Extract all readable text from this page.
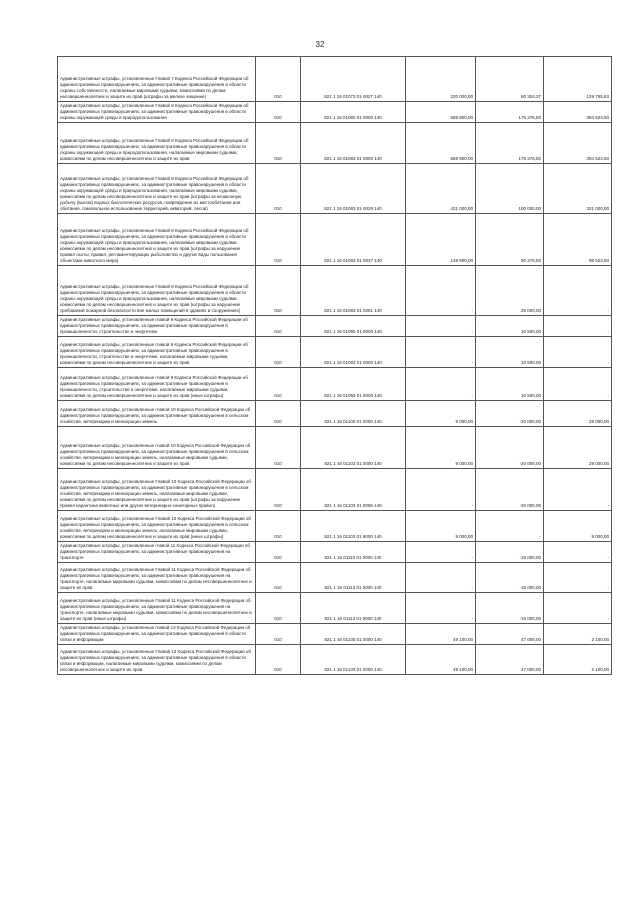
32
Административные штрафы, установленные Главой 7 Кодекса Российской Федерации об административных правонарушениях, за административные правонарушения в области охраны собственности, налагаемые мировыми судьями, комиссиями по делам несовершеннолетних и защите их прав (штрафы за мелкое хищение)	010	821 1 16 01073 01 0027 140	220 000,00	90 304,37	129 795,63
Административные штрафы, установленные Главой 8 Кодекса Российской Федерации об административных правонарушениях, за административные правонарушения в области охраны окружающей среды и природопользования	010	821 1 16 01080 01 0000 140	569 900,00	175 376,50	394 523,50
Административные штрафы, установленные Главой 8 Кодекса Российской Федерации об административных правонарушениях, за административные правонарушения в области охраны окружающей среды и природопользования, налагаемые мировыми судьями, комиссиями по делам несовершеннолетних и защите их прав	010	821 1 16 01083 01 0000 140	569 900,00	175 376,50	394 523,50
Административные штрафы, установленные Главой 8 Кодекса Российской Федерации об административных правонарушениях, за административные правонарушения в области охраны окружающей среды и природопользования, налагаемые мировыми судьями, комиссиями по делам несовершеннолетних и защите их прав (штрафы за незаконную добычу (вылов) водных биологических ресурсов, повреждение их местообитания или обитания, самовольное использование территорий, акваторий, лесов)	010	821 1 16 01083 01 0028 140	421 000,00	100 000,00	321 000,00
Административные штрафы, установленные Главой 8 Кодекса Российской Федерации об административных правонарушениях, за административные правонарушения в области охраны окружающей среды и природопользования, налагаемые мировыми судьями, комиссиями по делам несовершеннолетних и защите их прав (штрафы за нарушение правил охоты, правил, регламентирующих рыболовство и другие виды пользования объектами животного мира)	010	821 1 16 01083 01 0037 140	148 900,00	50 376,50	98 523,50
Административные штрафы, установленные Главой 8 Кодекса Российской Федерации об административных правонарушениях, за административные правонарушения в области охраны окружающей среды и природопользования, налагаемые мировыми судьями, комиссиями по делам несовершеннолетних и защите их прав (штрафы за нарушение требований пожарной безопасности вне жилых помещений в зданиях и сооружениях)	010	821 1 16 01083 01 0281 140	-	25 000,00	-
Административные штрафы, установленные главой 9 Кодекса Российской Федерации об административных правонарушениях, за административные правонарушения в промышленности, строительстве и энергетике	010	821 1 16 01090 01 0000 140	-	10 500,00	-
Административные штрафы, установленные главой 9 Кодекса Российской Федерации об административных правонарушениях, за административные правонарушения в промышленности, строительстве и энергетике, налагаемые мировыми судьями, комиссиями по делам несовершеннолетних и защите их прав	010	821 1 16 01093 01 0000 140	-	10 500,00	-
Административные штрафы, установленные главой 9 Кодекса Российской Федерации об административных правонарушениях, за административные правонарушения в промышленности, строительстве и энергетике, налагаемые мировыми судьями, комиссиями по делам несовершеннолетних и защите их прав (иные штрафы)	010	821 1 16 01093 01 9000 140	-	10 500,00	-
Административные штрафы, установленные главой 10 Кодекса Российской Федерации об административных правонарушениях, за административные правонарушения в сельском хозяйстве, ветеринарии и мелиорации земель	010	821 1 16 01100 01 0000 140	9 000,00	-20 000,00	29 000,00
Административные штрафы, установленные главой 10 Кодекса Российской Федерации об административных правонарушениях, за административные правонарушения в сельском хозяйстве, ветеринарии и мелиорации земель, налагаемые мировыми судьями, комиссиями по делам несовершеннолетних и защите их прав	010	821 1 16 01103 01 0000 140	9 000,00	-20 000,00	29 000,00
Административные штрафы, установленные Главой 10 Кодекса Российской Федерации об административных правонарушениях, за административные правонарушения в сельском хозяйстве, ветеринарии и мелиорации земель, налагаемые мировыми судьями, комиссиями по делам несовершеннолетних и защите их прав (штрафы за нарушение правил карантина животных или других ветеринарно-санитарных правил)	010	821 1 16 01103 01 0006 140	-	-20 000,00	-
Административные штрафы, установленные Главой 10 Кодекса Российской Федерации об административных правонарушениях, за административные правонарушения в сельском хозяйстве, ветеринарии и мелиорации земель, налагаемые мировыми судьями, комиссиями по делам несовершеннолетних и защите их прав (иные штрафы)	010	821 1 16 01103 01 9000 140	9 000,00	-	9 000,00
Административные штрафы, установленные главой 11 Кодекса Российской Федерации об административных правонарушениях, за административные правонарушения на транспорте	010	821 1 16 01110 01 0000 140	-	-15 000,00	-
Административные штрафы, установленные Главой 11 Кодекса Российской Федерации об административных правонарушениях, за административные правонарушения на транспорте, налагаемые мировыми судьями, комиссиями по делам несовершеннолетних и защите их прав	010	821 1 16 01113 01 0000 140	-	-15 000,00	-
Административные штрафы, установленные Главой 11 Кодекса Российской Федерации об административных правонарушениях, за административные правонарушения на транспорте, налагаемые мировыми судьями, комиссиями по делам несовершеннолетних и защите их прав (иные штрафы)	010	821 1 16 01113 01 9000 140	-	-15 000,00	-
Административные штрафы, установленные главой 13 Кодекса Российской Федерации об административных правонарушениях, за административные правонарушения в области связи и информации	010	821 1 16 01130 01 0000 140	49 100,00	47 000,00	2 100,00
Административные штрафы, установленные Главой 13 Кодекса Российской Федерации об административных правонарушениях, за административные правонарушения в области связи и информации, налагаемые мировыми судьями, комиссиями по делам несовершеннолетних и защите их прав	010	821 1 16 01133 01 0000 140	49 100,00	47 000,00	2 100,00
